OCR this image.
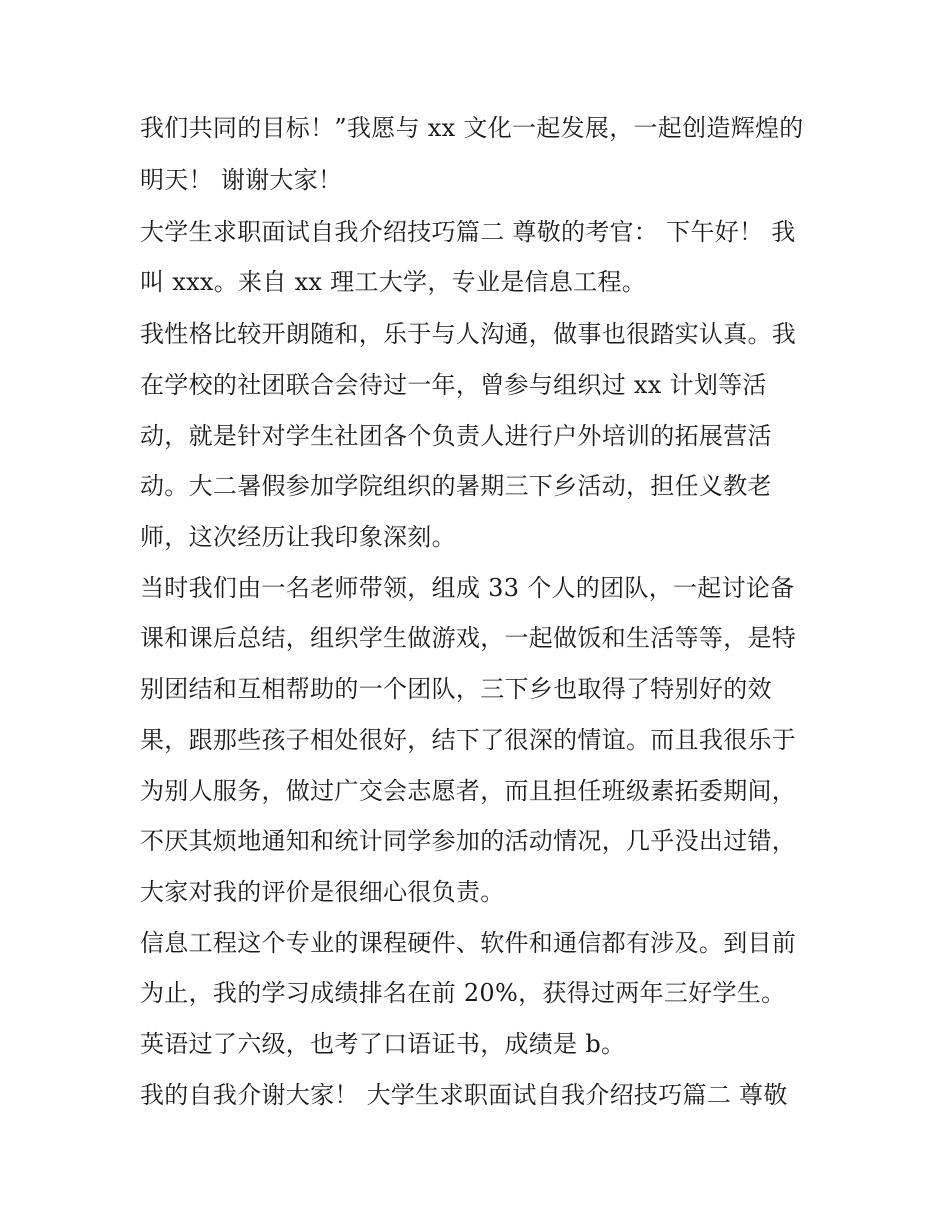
我们共同的目标！”我愿与 xx 文化一起发展，一起创造辉煌的

明天！ 谢谢大家！

大学生求职面试自我介绍技巧篇二 尊敬的考官： 下午好！ 我

叫 xxx。来自 xx 理工大学，专业是信息工程。

我性格比较开朗随和，乐于与人沟通，做事也很踏实认真。我

在学校的社团联合会待过一年，曾参与组织过 xx 计划等活

动，就是针对学生社团各个负责人进行户外培训的拓展营活

动。大二暑假参加学院组织的暑期三下乡活动，担任义教老

师，这次经历让我印象深刻。

当时我们由一名老师带领，组成 33 个人的团队，一起讨论备

课和课后总结，组织学生做游戏，一起做饭和生活等等，是特

别团结和互相帮助的一个团队，三下乡也取得了特别好的效

果，跟那些孩子相处很好，结下了很深的情谊。而且我很乐于

为别人服务，做过广交会志愿者，而且担任班级素拓委期间，

不厌其烦地通知和统计同学参加的活动情况，几乎没出过错，

大家对我的评价是很细心很负责。

信息工程这个专业的课程硬件、软件和通信都有涉及。到目前

为止，我的学习成绩排名在前 20%，获得过两年三好学生。

英语过了六级，也考了口语证书，成绩是 b。

我的自我介谢大家！ 大学生求职面试自我介绍技巧篇二 尊敬
